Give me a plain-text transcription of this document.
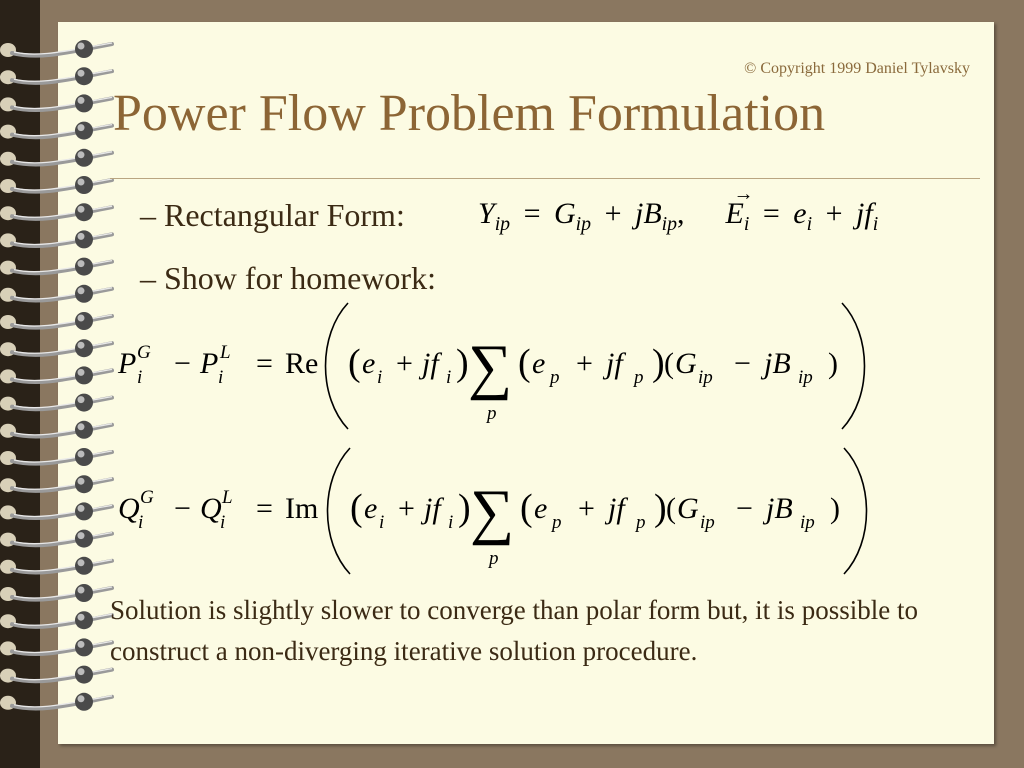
© Copyright 1999 Daniel Tylavsky
Power Flow Problem Formulation
– Rectangular Form: $Y_{ip} = G_{ip} + jB_{ip}$,
→
$E_i = e_i + jf_i$
– Show for homework:
P G
i − P L
i = Re ( e i + jf i ) ∑
p
( e p + jf p ) ( G ip − jB ip )
Q G
i − Q L
i = Im ( e i + jf i ) ∑
p
( e p + jf p ) ( G ip − jB ip )

Solution is slightly slower to converge than polar form but, it is possible to construct a non-diverging iterative solution procedure.
